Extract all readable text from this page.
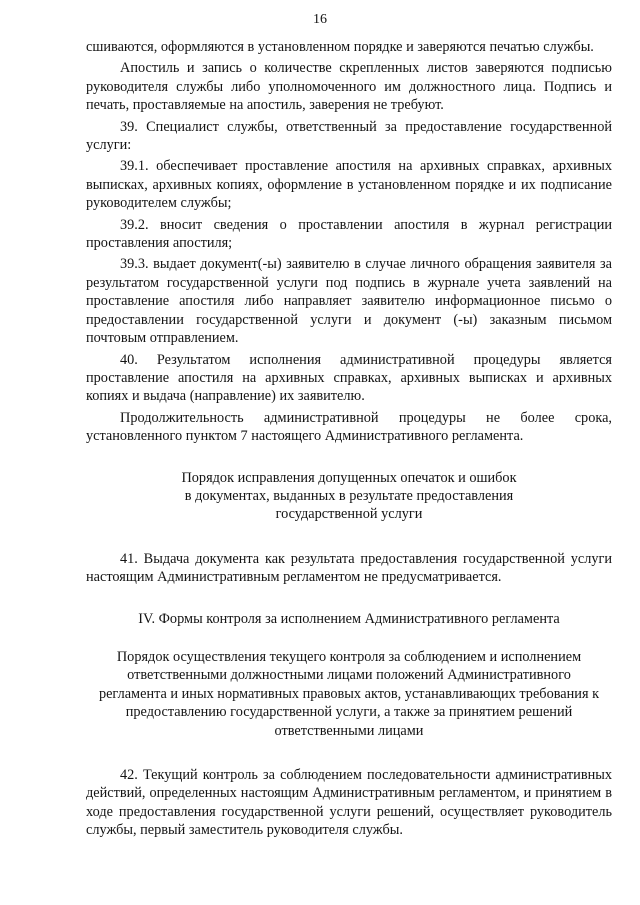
16

сшиваются, оформляются в установленном порядке и заверяются печатью службы.

Апостиль и запись о количестве скрепленных листов заверяются подписью руководителя службы либо уполномоченного им должностного лица. Подпись и печать, проставляемые на апостиль, заверения не требуют.

39. Специалист службы, ответственный за предоставление государственной услуги:

39.1. обеспечивает проставление апостиля на архивных справках, архивных выписках, архивных копиях, оформление в установленном порядке и их подписание руководителем службы;

39.2. вносит сведения о проставлении апостиля в журнал регистрации проставления апостиля;

39.3. выдает документ(-ы) заявителю в случае личного обращения заявителя за результатом государственной услуги под подпись в журнале учета заявлений на проставление апостиля либо направляет заявителю информационное письмо о предоставлении государственной услуги и документ (-ы) заказным письмом почтовым отправлением.

40. Результатом исполнения административной процедуры является проставление апостиля на архивных справках, архивных выписках и архивных копиях и выдача (направление) их заявителю.

Продолжительность административной процедуры не более срока, установленного пунктом 7 настоящего Административного регламента.

Порядок исправления допущенных опечаток и ошибок

в документах, выданных в результате предоставления

государственной услуги

41. Выдача документа как результата предоставления государственной услуги настоящим Административным регламентом не предусматривается.

IV. Формы контроля за исполнением Административного регламента

Порядок осуществления текущего контроля за соблюдением и исполнением

ответственными должностными лицами положений Административного

регламента и иных нормативных правовых актов, устанавливающих требования к

предоставлению государственной услуги, а также за принятием решений

ответственными лицами

42. Текущий контроль за соблюдением последовательности административных действий, определенных настоящим Административным регламентом, и принятием в ходе предоставления государственной услуги решений, осуществляет руководитель службы, первый заместитель руководителя службы.
